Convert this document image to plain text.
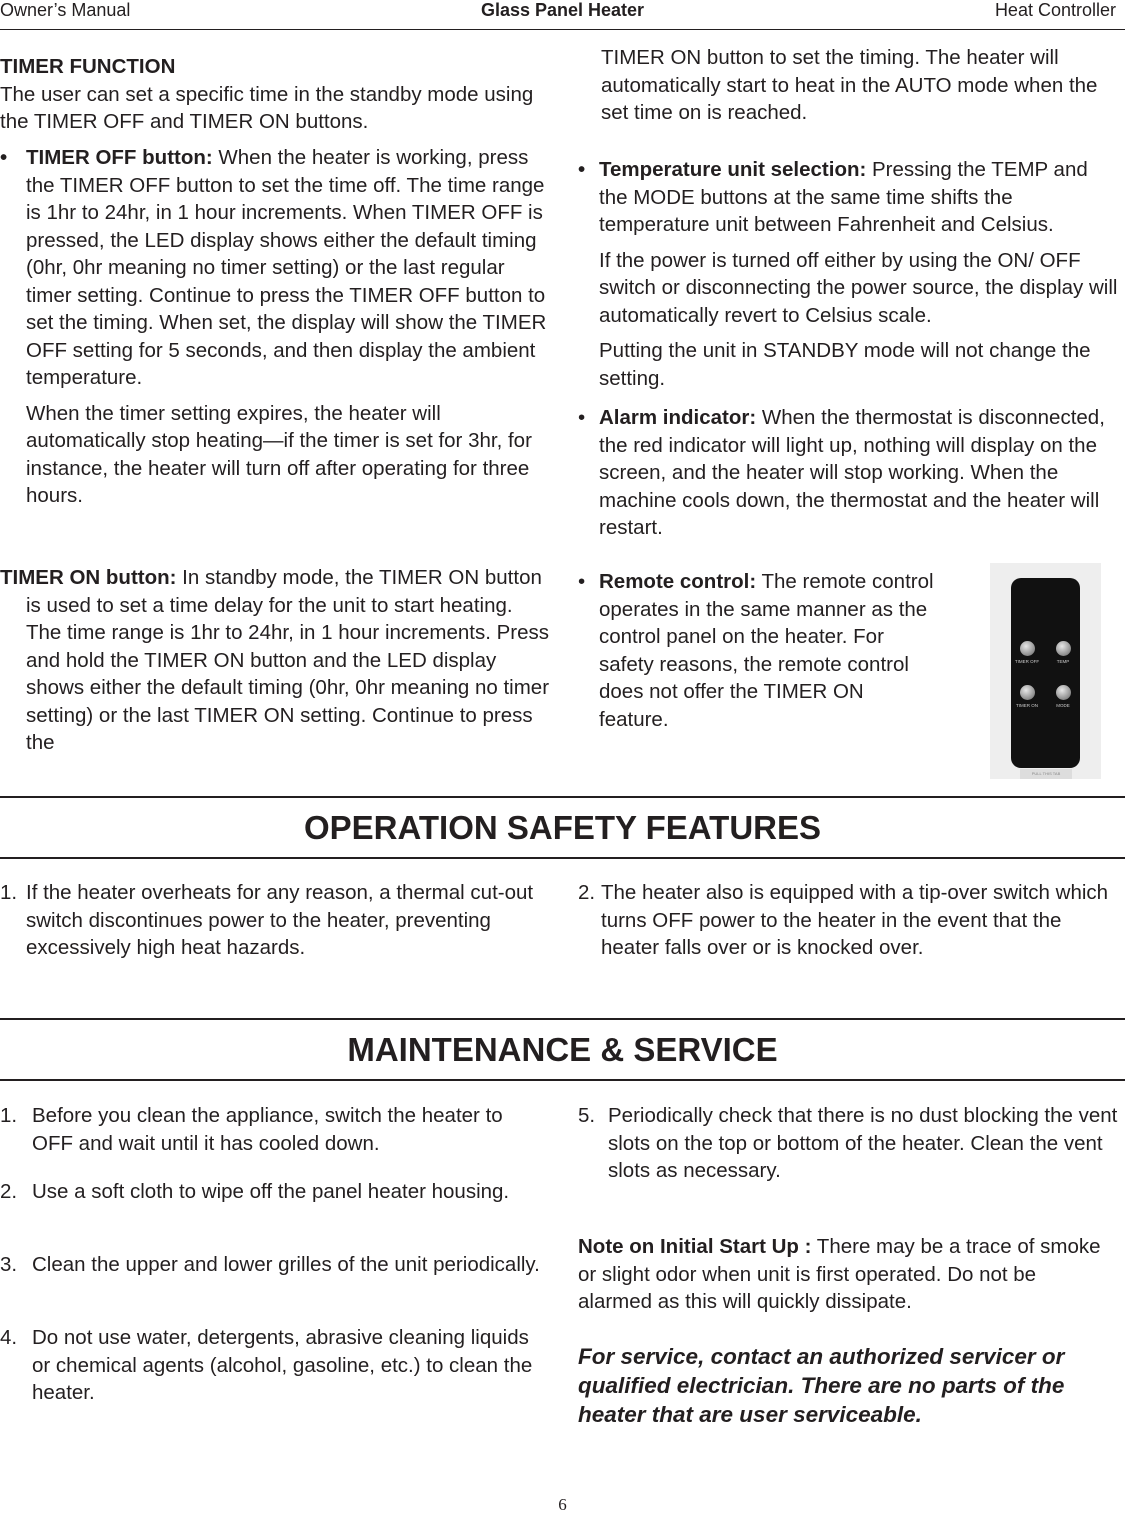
Owner’s Manual	Glass Panel Heater	Heat Controller
TIMER FUNCTION
The user can set a specific time in the standby mode using the TIMER OFF and TIMER ON buttons.
• TIMER OFF button: When the heater is working, press the TIMER OFF button to set the time off. The time range is 1hr to 24hr, in 1 hour increments. When TIMER OFF is pressed, the LED display shows either the default timing (0hr, 0hr meaning no timer setting) or the last regular timer setting. Continue to press the TIMER OFF button to set the timing. When set, the display will show the TIMER OFF setting for 5 seconds, and then display the ambient temperature.
When the timer setting expires, the heater will automatically stop heating—if the timer is set for 3hr, for instance, the heater will turn off after operating for three hours.
TIMER ON button: In standby mode, the TIMER ON button is used to set a time delay for the unit to start heating. The time range is 1hr to 24hr, in 1 hour increments. Press and hold the TIMER ON button and the LED display shows either the default timing (0hr, 0hr meaning no timer setting) or the last TIMER ON setting. Continue to press the
TIMER ON button to set the timing. The heater will automatically start to heat in the AUTO mode when the set time on is reached.
• Temperature unit selection: Pressing the TEMP and the MODE buttons at the same time shifts the temperature unit between Fahrenheit and Celsius.
If the power is turned off either by using the ON/ OFF switch or disconnecting the power source, the display will automatically revert to Celsius scale.
Putting the unit in STANDBY mode will not change the setting.
• Alarm indicator: When the thermostat is disconnected, the red indicator will light up, nothing will display on the screen, and the heater will stop working. When the machine cools down, the thermostat and the heater will restart.
• Remote control: The remote control operates in the same manner as the control panel on the heater. For safety reasons, the remote control does not offer the TIMER ON feature.
TIMER OFF	TEMP
TIMER ON	MODE
PULL THIS TAB
OPERATION SAFETY FEATURES
1. If the heater overheats for any reason, a thermal cut-out switch discontinues power to the heater, preventing excessively high heat hazards.
2. The heater also is equipped with a tip-over switch which turns OFF power to the heater in the event that the heater falls over or is knocked over.
MAINTENANCE & SERVICE
1. Before you clean the appliance, switch the heater to OFF and wait until it has cooled down.
2. Use a soft cloth to wipe off the panel heater housing.
3. Clean the upper and lower grilles of the unit periodically.
4. Do not use water, detergents, abrasive cleaning liquids or chemical agents (alcohol, gasoline, etc.) to clean the heater.
5. Periodically check that there is no dust blocking the vent slots on the top or bottom of the heater. Clean the vent slots as necessary.
Note on Initial Start Up : There may be a trace of smoke or slight odor when unit is first operated. Do not be alarmed as this will quickly dissipate.
For service, contact an authorized servicer or qualified electrician. There are no parts of the heater that are user serviceable.
6
